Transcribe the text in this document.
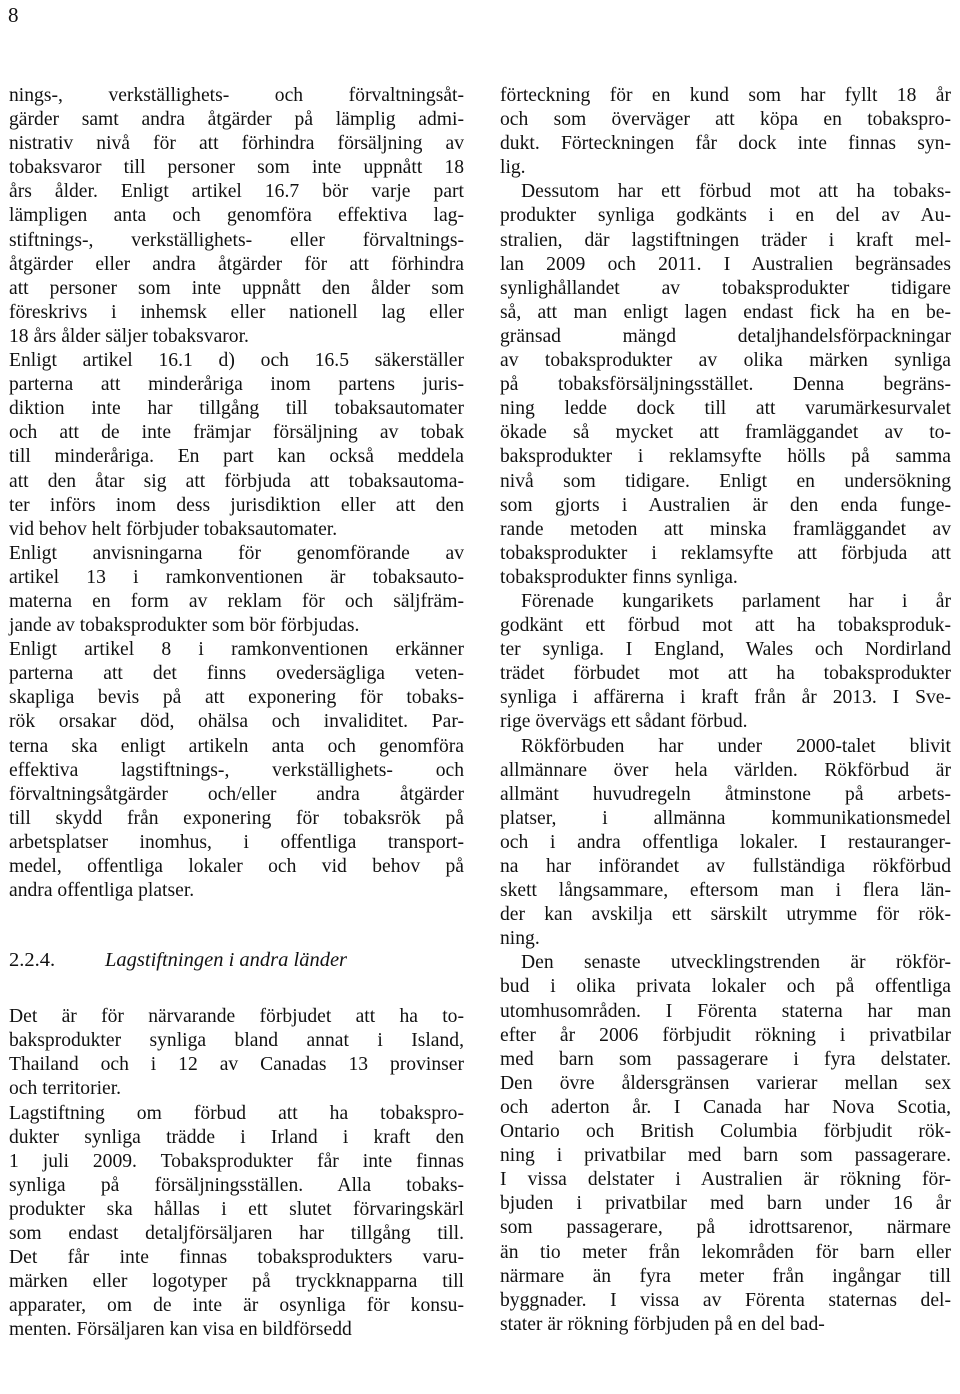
8
nings-, verkställighets- och förvaltningsåt-
gärder samt andra åtgärder på lämplig admi-
nistrativ nivå för att förhindra försäljning av
tobaksvaror till personer som inte uppnått 18
års ålder. Enligt artikel 16.7 bör varje part
lämpligen anta och genomföra effektiva lag-
stiftnings-, verkställighets- eller förvaltnings-
åtgärder eller andra åtgärder för att förhindra
att personer som inte uppnått den ålder som
föreskrivs i inhemsk eller nationell lag eller
18 års ålder säljer tobaksvaror.
Enligt artikel 16.1 d) och 16.5 säkerställer
parterna att minderåriga inom partens juris-
diktion inte har tillgång till tobaksautomater
och att de inte främjar försäljning av tobak
till minderåriga. En part kan också meddela
att den åtar sig att förbjuda att tobaksautoma-
ter införs inom dess jurisdiktion eller att den
vid behov helt förbjuder tobaksautomater.
Enligt anvisningarna för genomförande av
artikel 13 i ramkonventionen är tobaksauto-
materna en form av reklam för och säljfräm-
jande av tobaksprodukter som bör förbjudas.
Enligt artikel 8 i ramkonventionen erkänner
parterna att det finns ovedersägliga veten-
skapliga bevis på att exponering för tobaks-
rök orsakar död, ohälsa och invaliditet. Par-
terna ska enligt artikeln anta och genomföra
effektiva lagstiftnings-, verkställighets- och
förvaltningsåtgärder och/eller andra åtgärder
till skydd från exponering för tobaksrök på
arbetsplatser inomhus, i offentliga transport-
medel, offentliga lokaler och vid behov på
andra offentliga platser.
2.2.4.	Lagstiftningen i andra länder
Det är för närvarande förbjudet att ha to-
baksprodukter synliga bland annat i Island,
Thailand och i 12 av Canadas 13 provinser
och territorier.
Lagstiftning om förbud att ha tobakspro-
dukter synliga trädde i Irland i kraft den
1 juli 2009. Tobaksprodukter får inte finnas
synliga på försäljningsställen. Alla tobaks-
produkter ska hållas i ett slutet förvaringskärl
som endast detaljförsäljaren har tillgång till.
Det får inte finnas tobaksprodukters varu-
märken eller logotyper på tryckknapparna till
apparater, om de inte är osynliga för konsu-
menten. Försäljaren kan visa en bildförsedd
förteckning för en kund som har fyllt 18 år
och som överväger att köpa en tobakspro-
dukt. Förteckningen får dock inte finnas syn-
lig.
Dessutom har ett förbud mot att ha tobaks-
produkter synliga godkänts i en del av Au-
stralien, där lagstiftningen träder i kraft mel-
lan 2009 och 2011. I Australien begränsades
synlighållandet av tobaksprodukter tidigare
så, att man enligt lagen endast fick ha en be-
gränsad mängd detaljhandelsförpackningar
av tobaksprodukter av olika märken synliga
på tobaksförsäljningsstället. Denna begräns-
ning ledde dock till att varumärkesurvalet
ökade så mycket att framläggandet av to-
baksprodukter i reklamsyfte hölls på samma
nivå som tidigare. Enligt en undersökning
som gjorts i Australien är den enda funge-
rande metoden att minska framläggandet av
tobaksprodukter i reklamsyfte att förbjuda att
tobaksprodukter finns synliga.
Förenade kungarikets parlament har i år
godkänt ett förbud mot att ha tobaksproduk-
ter synliga. I England, Wales och Nordirland
trädet förbudet mot att ha tobaksprodukter
synliga i affärerna i kraft från år 2013. I Sve-
rige övervägs ett sådant förbud.
Rökförbuden har under 2000-talet blivit
allmännare över hela världen. Rökförbud är
allmänt huvudregeln åtminstone på arbets-
platser, i allmänna kommunikationsmedel
och i andra offentliga lokaler. I restauranger-
na har införandet av fullständiga rökförbud
skett långsammare, eftersom man i flera län-
der kan avskilja ett särskilt utrymme för rök-
ning.
Den senaste utvecklingstrenden är rökför-
bud i olika privata lokaler och på offentliga
utomhusområden. I Förenta staterna har man
efter år 2006 förbjudit rökning i privatbilar
med barn som passagerare i fyra delstater.
Den övre åldersgränsen varierar mellan sex
och aderton år. I Canada har Nova Scotia,
Ontario och British Columbia förbjudit rök-
ning i privatbilar med barn som passagerare.
I vissa delstater i Australien är rökning för-
bjuden i privatbilar med barn under 16 år
som passagerare, på idrottsarenor, närmare
än tio meter från lekområden för barn eller
närmare än fyra meter från ingångar till
byggnader. I vissa av Förenta staternas del-
stater är rökning förbjuden på en del bad-
